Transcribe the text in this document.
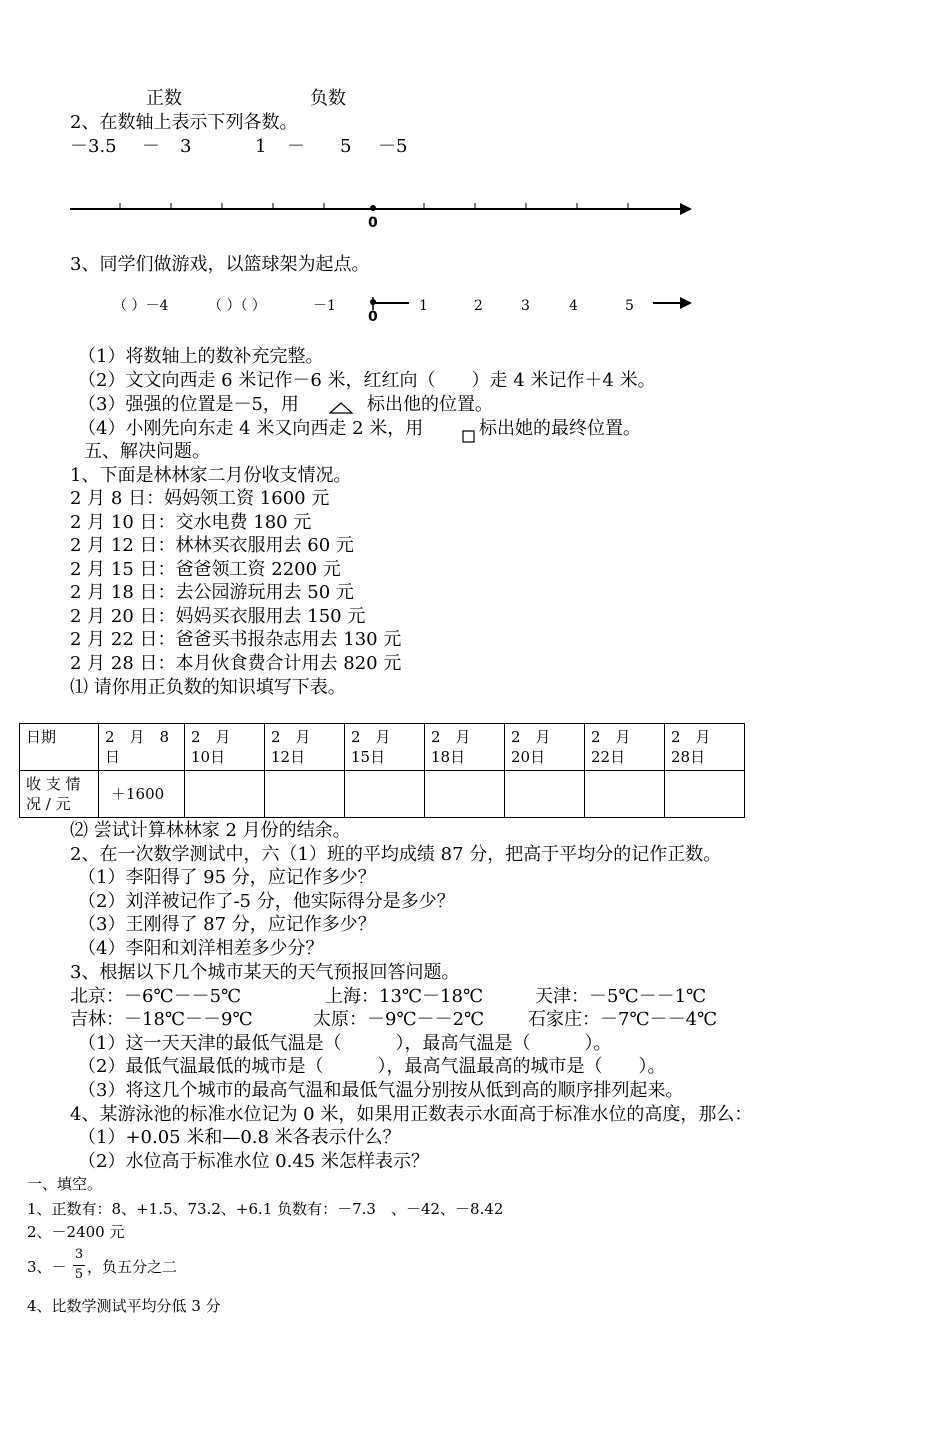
正数	负数
2、在数轴上表示下列各数。
－3.5 － 3	1 － 5 －5
0
3、同学们做游戏，以篮球架为起点。
（ ）－4	（ ）（ ）	－1	1	2	3	4	5
0
（1）将数轴上的数补充完整。
（2）文文向西走 6 米记作－6 米，红红向（　　）走 4 米记作＋4 米。
（3）强强的位置是－5，用	标出他的位置。
（4）小刚先向东走 4 米又向西走 2 米，用	标出她的最终位置。
五、解决问题。
1、下面是林林家二月份收支情况。
2 月 8 日：妈妈领工资 1600 元
2 月 10 日：交水电费 180 元
2 月 12 日：林林买衣服用去 60 元
2 月 15 日：爸爸领工资 2200 元
2 月 18 日：去公园游玩用去 50 元
2 月 20 日：妈妈买衣服用去 150 元
2 月 22 日：爸爸买书报杂志用去 130 元
2 月 28 日：本月伙食费合计用去 820 元
⑴ 请你用正负数的知识填写下表。
日期	2　月　8日	2　月　10日	2　月　12日	2　月　15日	2　月　18日	2　月　20日	2　月　22日	2　月　28日
收 支 情况 / 元	＋1600							
⑵ 尝试计算林林家 2 月份的结余。
2、在一次数学测试中，六（1）班的平均成绩 87 分，把高于平均分的记作正数。
（1）李阳得了 95 分，应记作多少？
（2）刘洋被记作了-5 分，他实际得分是多少？
（3）王刚得了 87 分，应记作多少？
（4）李阳和刘洋相差多少分？
3、根据以下几个城市某天的天气预报回答问题。
北京：－6℃－－5℃	上海：13℃－18℃	天津：－5℃－－1℃
吉林：－18℃－－9℃	太原：－9℃－－2℃ 石家庄：－7℃－－4℃
（1）这一天天津的最低气温是（　　　），最高气温是（　　　）。
（2）最低气温最低的城市是（　　　），最高气温最高的城市是（　　）。
（3）将这几个城市的最高气温和最低气温分别按从低到高的顺序排列起来。
4、某游泳池的标准水位记为 0 米，如果用正数表示水面高于标准水位的高度，那么：
（1）+0.05 米和—0.8 米各表示什么？
（2）水位高于标准水位 0.45 米怎样表示？
一、填空。
1、正数有：8、+1.5、73.2、+6.1 负数有：－7.3　、－42、－8.42
2、－2400 元
3、－
3
5 ，负五分之二
4、比数学测试平均分低 3 分
